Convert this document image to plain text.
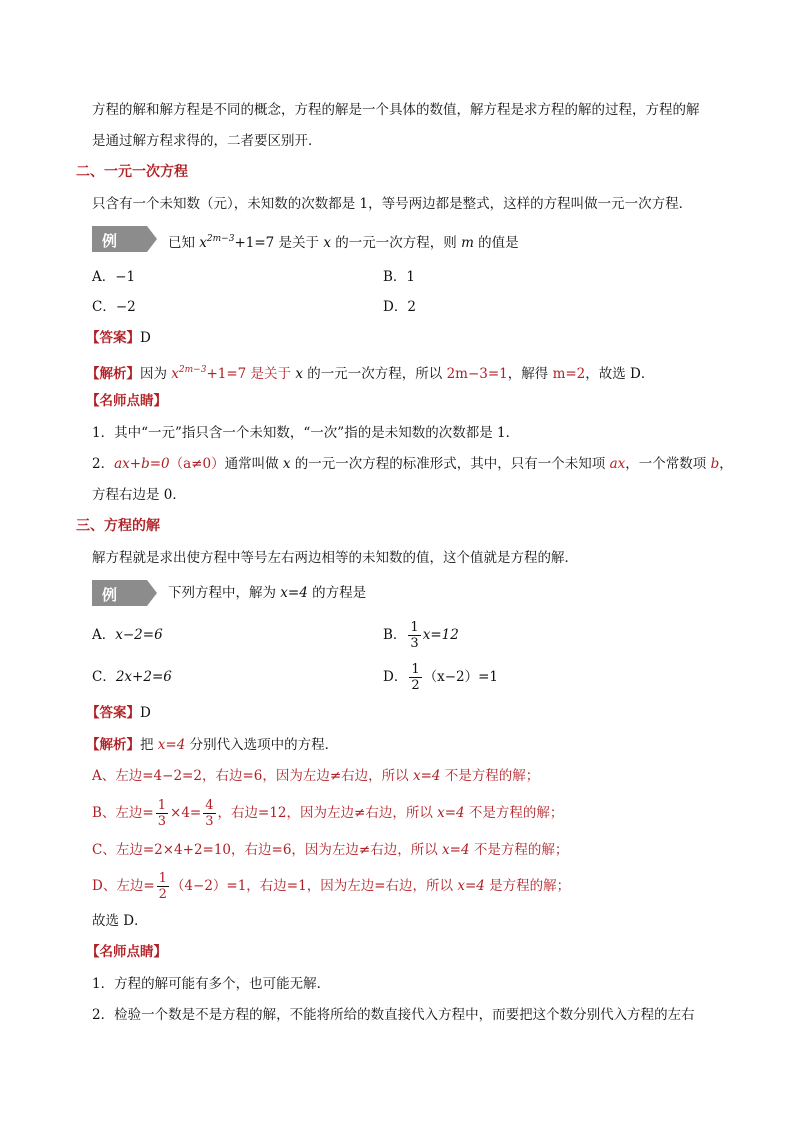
方程的解和解方程是不同的概念，方程的解是一个具体的数值，解方程是求方程的解的过程，方程的解
是通过解方程求得的，二者要区别开．
二、一元一次方程
只含有一个未知数（元），未知数的次数都是 1，等号两边都是整式，这样的方程叫做一元一次方程．
例 2
已知 $x^{2m-3}+1=7$ 是关于 x 的一元一次方程，则 m 的值是
A．−1	B．1
C．−2	D．2
【答案】D
【解析】因为 $x^{2m-3}+1=7$ 是关于 x 的一元一次方程，所以 2m−3=1，解得 m=2，故选 D．
【名师点睛】
1．其中“一元”指只含一个未知数，“一次”指的是未知数的次数都是 1．
2．ax+b=0（a≠0）通常叫做 x 的一元一次方程的标准形式，其中，只有一个未知项 ax，一个常数项 b，
方程右边是 0．
三、方程的解
解方程就是求出使方程中等号左右两边相等的未知数的值，这个值就是方程的解．
例 3
下列方程中，解为 x=4 的方程是
A．x−2=6	B． $\frac{1}{3} x=12$
C．2x+2=6	D． $\frac{1}{2} (x-2)=1$
【答案】D
【解析】把 x=4 分别代入选项中的方程．
A、左边=4−2=2，右边=6，因为左边≠右边，所以 x=4 不是方程的解；
B、左边= $\frac{1}{3} \times 4= \frac{4}{3}$ ，右边=12，因为左边≠右边，所以 x=4 不是方程的解；
C、左边=2×4+2=10，右边=6，因为左边≠右边，所以 x=4 不是方程的解；
D、左边= $\frac{1}{2} (4-2)=1$，右边=1，因为左边=右边，所以 x=4 是方程的解；
故选 D．
【名师点睛】
1．方程的解可能有多个，也可能无解．
2．检验一个数是不是方程的解，不能将所给的数直接代入方程中，而要把这个数分别代入方程的左右
